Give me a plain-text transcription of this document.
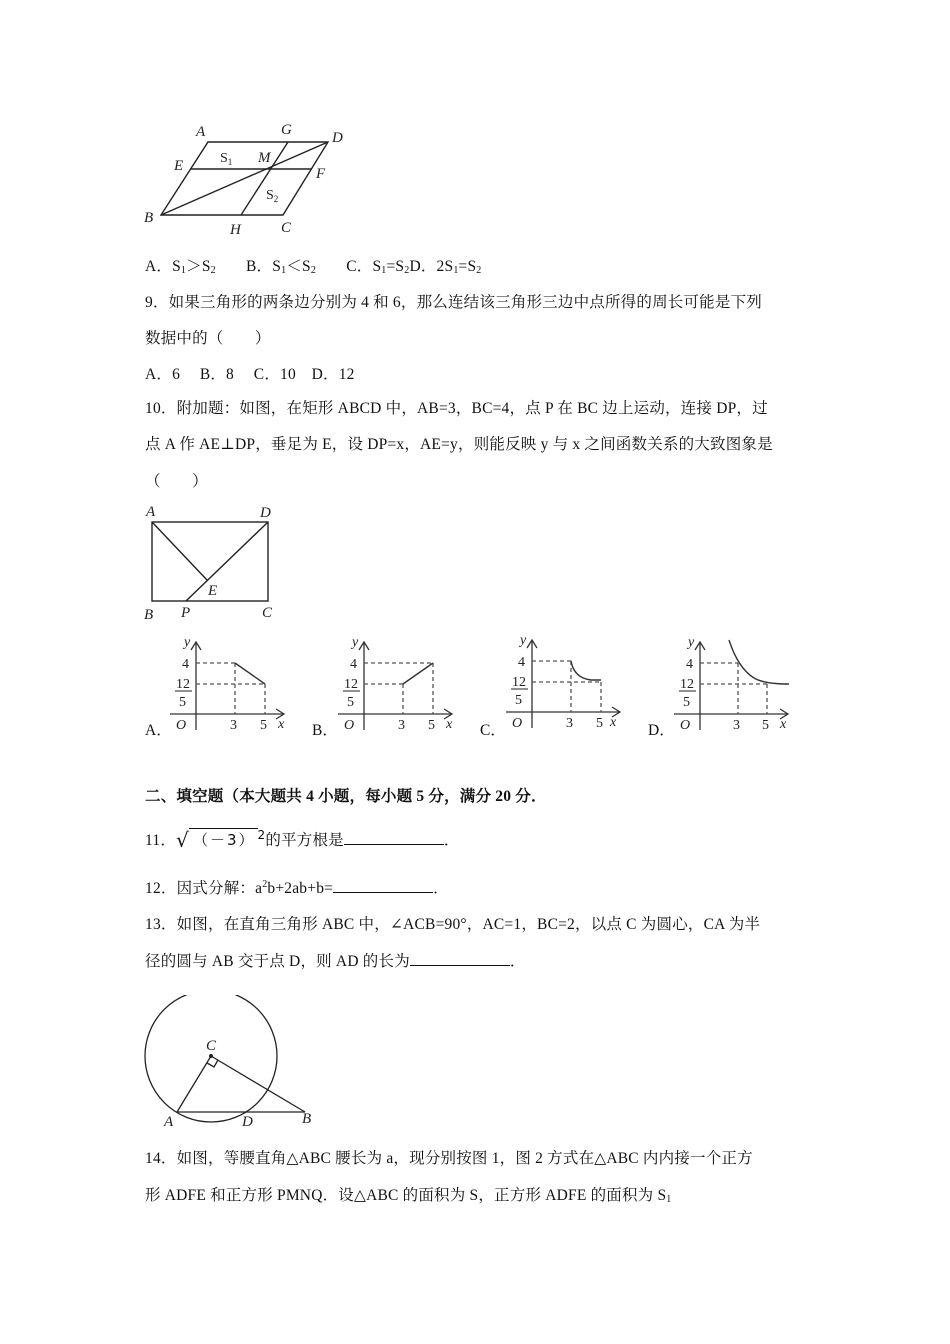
A	G	D
E	M
F
B
H	C
$S_1$
$S_2$
A．$S_1>S_2$ B．$S_1<S_2$ C．$S_1=S_2D$．$2S_1=S_2$
9．如果三角形的两条边分别为 4 和 6，那么连结该三角形三边中点所得的周长可能是下列
数据中的（　　）
A．6　 B．8　 C．10　D．12
10．附加题：如图，在矩形 ABCD 中，AB=3，BC=4，点 P 在 BC 边上运动，连接 DP，过
点 A 作 AE⊥DP，垂足为 E，设 DP=x，AE=y，则能反映 y 与 x 之间函数关系的大致图象是
（　　）
A	D
E
B P	C
A．
y
4
12
5
O	3 5 x B．
y
4
12
5
O	3 5 x C．
y
4
12
5
O	3 5 x D．
y
4
12
5
O	3 5 x
二、填空题（本大题共 4 小题，每小题 5 分，满分 20 分．
11．√ （－3） $^2$的平方根是	．
12．因式分解：$a^2b+2ab+b=$	．
13．如图，在直角三角形 ABC 中，∠ACB=90°，AC=1，BC=2，以点 C 为圆心，CA 为半
径的圆与 AB 交于点 D，则 AD 的长为	．
C
A	D	B
14．如图，等腰直角△ABC 腰长为 a，现分别按图 1，图 2 方式在△ABC 内内接一个正方
形 ADFE 和正方形 PMNQ．设△ABC 的面积为 S，正方形 ADFE 的面积为 $S_1$
